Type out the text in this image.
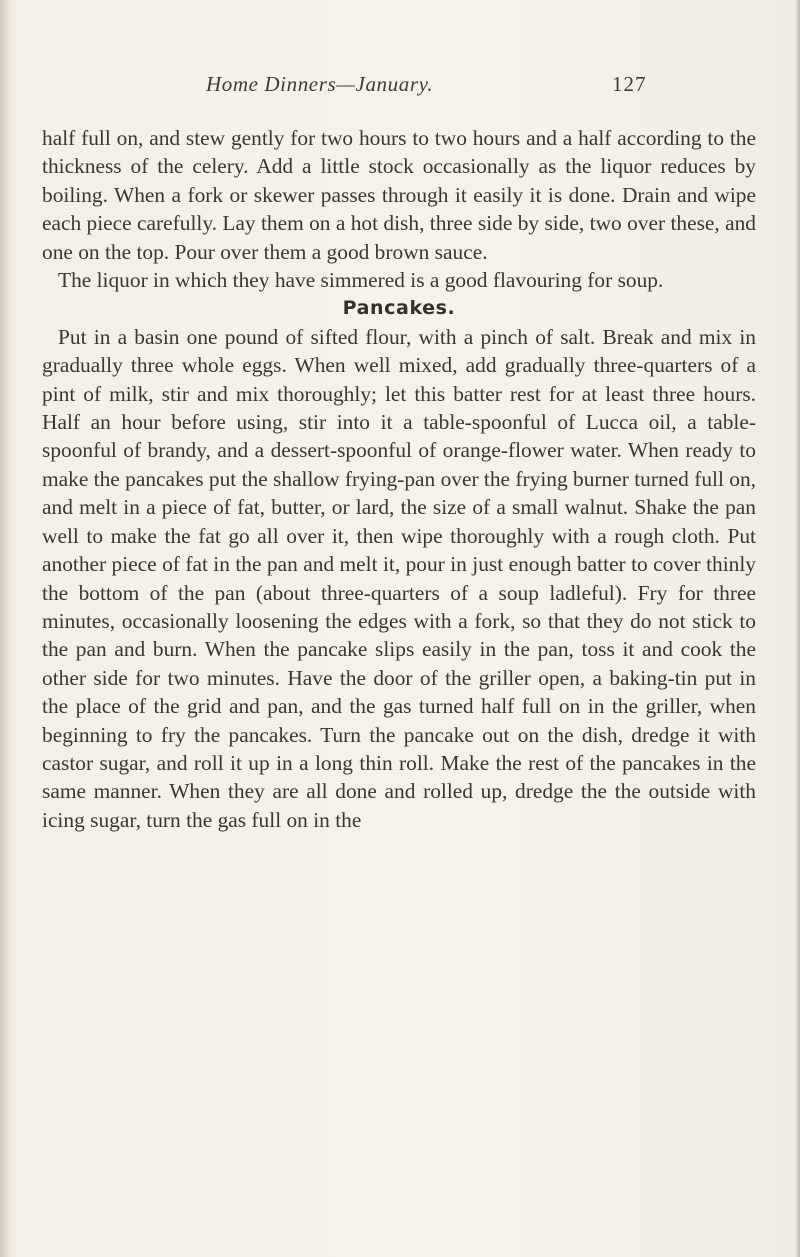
Home Dinners—January.	127

half full on, and stew gently for two hours to two hours and a half according to the thickness of the celery. Add a little stock occasionally as the liquor reduces by boiling. When a fork or skewer passes through it easily it is done. Drain and wipe each piece carefully. Lay them on a hot dish, three side by side, two over these, and one on the top. Pour over them a good brown sauce.

The liquor in which they have simmered is a good flavouring for soup.

Pancakes.

Put in a basin one pound of sifted flour, with a pinch of salt. Break and mix in gradually three whole eggs. When well mixed, add gradually three-quarters of a pint of milk, stir and mix thoroughly; let this batter rest for at least three hours. Half an hour before using, stir into it a table-spoonful of Lucca oil, a table-spoonful of brandy, and a dessert-spoonful of orange-flower water. When ready to make the pancakes put the shallow frying-pan over the frying burner turned full on, and melt in a piece of fat, butter, or lard, the size of a small walnut. Shake the pan well to make the fat go all over it, then wipe thoroughly with a rough cloth. Put another piece of fat in the pan and melt it, pour in just enough batter to cover thinly the bottom of the pan (about three-quarters of a soup ladleful). Fry for three minutes, occasionally loosening the edges with a fork, so that they do not stick to the pan and burn. When the pancake slips easily in the pan, toss it and cook the other side for two minutes. Have the door of the griller open, a baking-tin put in the place of the grid and pan, and the gas turned half full on in the griller, when beginning to fry the pancakes. Turn the pancake out on the dish, dredge it with castor sugar, and roll it up in a long thin roll. Make the rest of the pancakes in the same manner. When they are all done and rolled up, dredge the the outside with icing sugar, turn the gas full on in the
